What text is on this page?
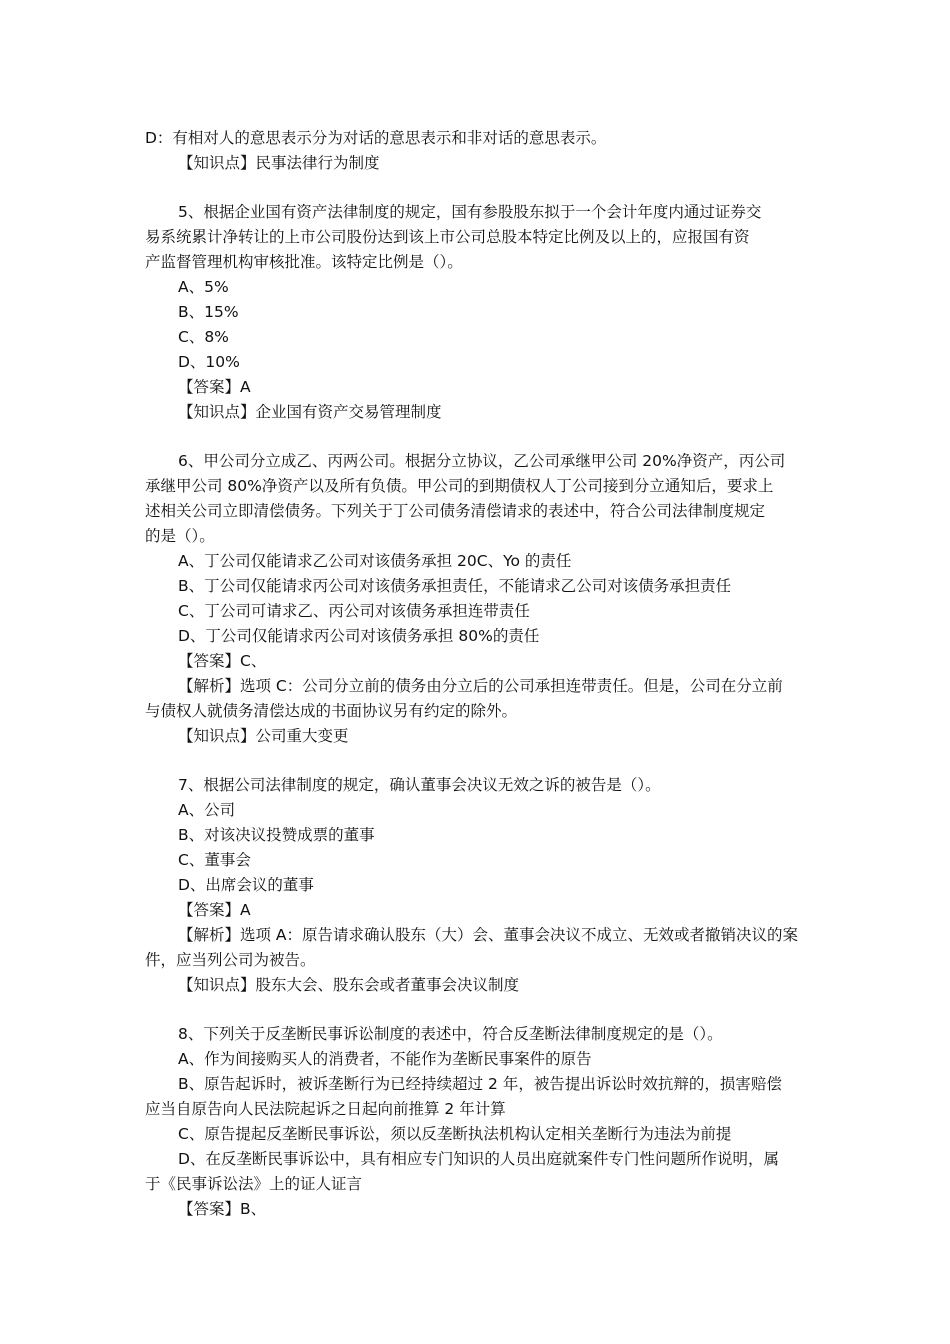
D：有相对人的意思表示分为对话的意思表示和非对话的意思表示。
【知识点】民事法律行为制度
5、根据企业国有资产法律制度的规定，国有参股股东拟于一个会计年度内通过证券交
易系统累计净转让的上市公司股份达到该上市公司总股本特定比例及以上的，应报国有资
产监督管理机构审核批准。该特定比例是（）。
A、5%
B、15%
C、8%
D、10%
【答案】A
【知识点】企业国有资产交易管理制度
6、甲公司分立成乙、丙两公司。根据分立协议，乙公司承继甲公司 20%净资产，丙公司
承继甲公司 80%净资产以及所有负债。甲公司的到期债权人丁公司接到分立通知后，要求上
述相关公司立即清偿债务。下列关于丁公司债务清偿请求的表述中，符合公司法律制度规定
的是（）。
A、丁公司仅能请求乙公司对该债务承担 20C、Yo 的责任
B、丁公司仅能请求丙公司对该债务承担责任，不能请求乙公司对该债务承担责任
C、丁公司可请求乙、丙公司对该债务承担连带责任
D、丁公司仅能请求丙公司对该债务承担 80%的责任
【答案】C、
【解析】选项 C：公司分立前的债务由分立后的公司承担连带责任。但是，公司在分立前
与债权人就债务清偿达成的书面协议另有约定的除外。
【知识点】公司重大变更
7、根据公司法律制度的规定，确认董事会决议无效之诉的被告是（）。
A、公司
B、对该决议投赞成票的董事
C、董事会
D、出席会议的董事
【答案】A
【解析】选项 A：原告请求确认股东（大）会、董事会决议不成立、无效或者撤销决议的案
件，应当列公司为被告。
【知识点】股东大会、股东会或者董事会决议制度
8、下列关于反垄断民事诉讼制度的表述中，符合反垄断法律制度规定的是（）。
A、作为间接购买人的消费者，不能作为垄断民事案件的原告
B、原告起诉时，被诉垄断行为已经持续超过 2 年，被告提出诉讼时效抗辩的，损害赔偿
应当自原告向人民法院起诉之日起向前推算 2 年计算
C、原告提起反垄断民事诉讼，须以反垄断执法机构认定相关垄断行为违法为前提
D、在反垄断民事诉讼中，具有相应专门知识的人员出庭就案件专门性问题所作说明，属
于《民事诉讼法》上的证人证言
【答案】B、
